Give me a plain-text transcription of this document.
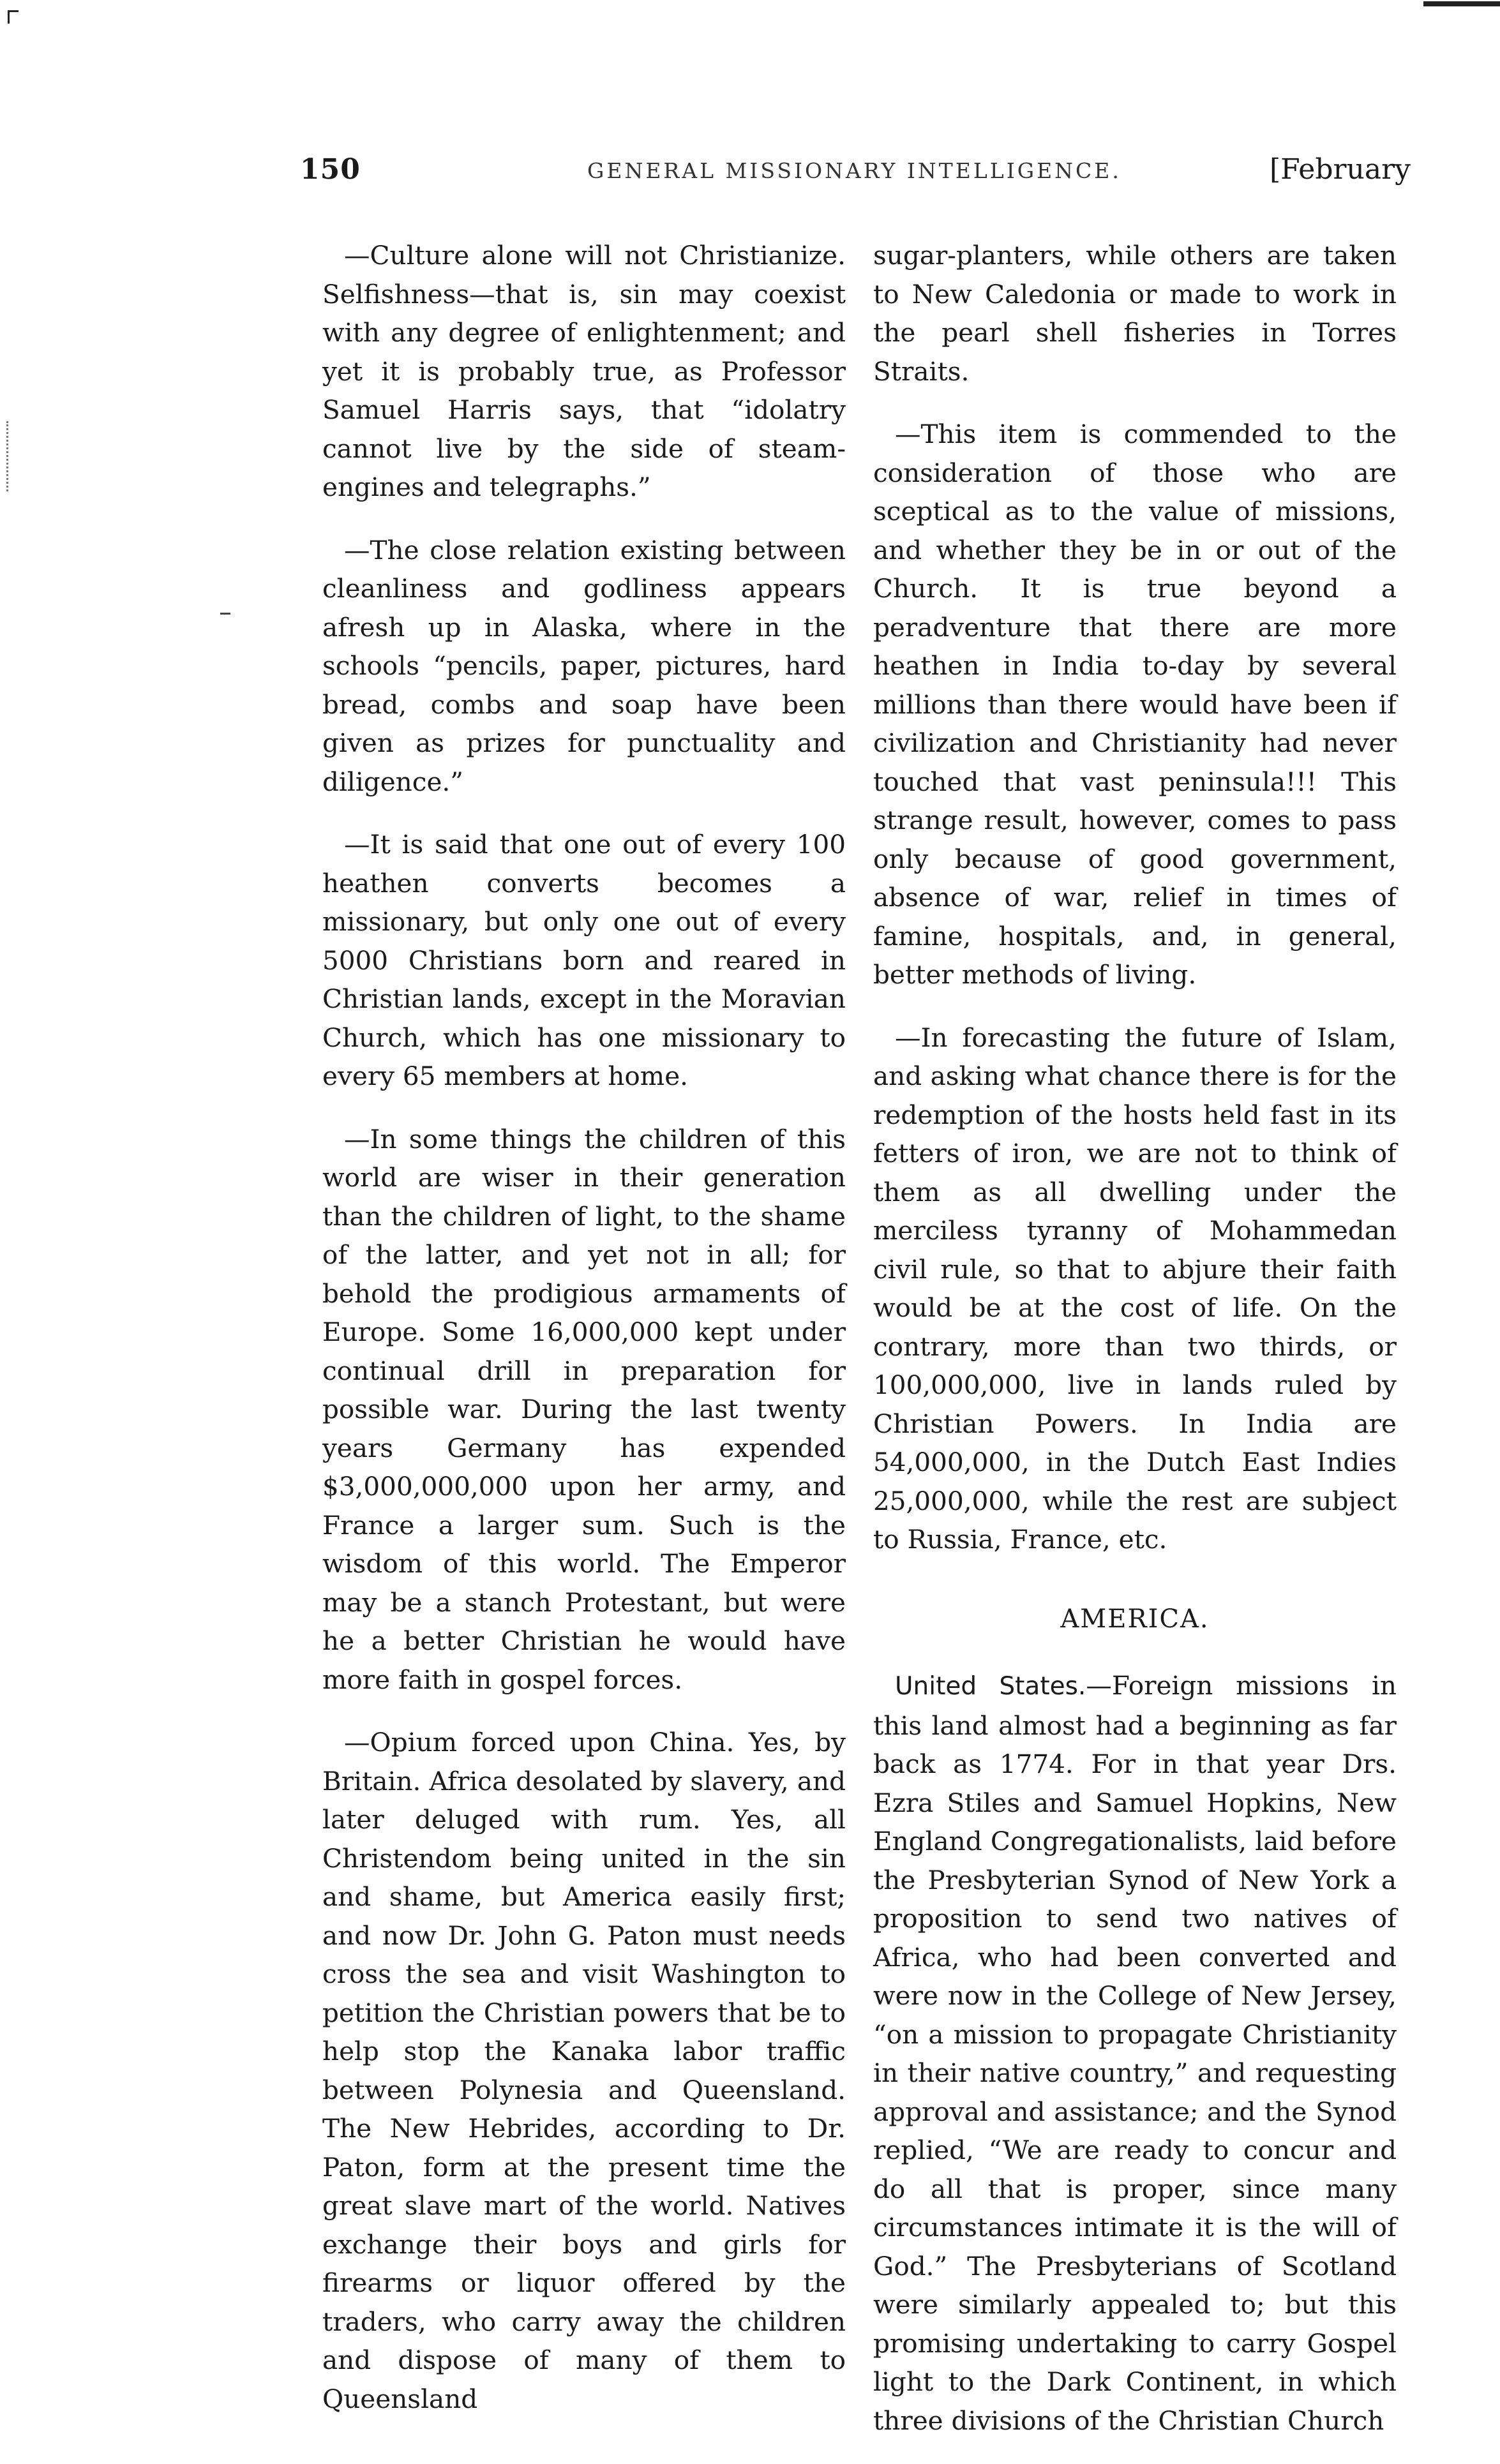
150	GENERAL MISSIONARY INTELLIGENCE.	[February

—Culture alone will not Christianize. Selfishness—that is, sin may coexist with any degree of enlightenment; and yet it is probably true, as Professor Samuel Harris says, that “idolatry cannot live by the side of steam-engines and telegraphs.”

—The close relation existing between cleanliness and godliness appears afresh up in Alaska, where in the schools “pencils, paper, pictures, hard bread, combs and soap have been given as prizes for punctuality and diligence.”

—It is said that one out of every 100 heathen converts becomes a missionary, but only one out of every 5000 Christians born and reared in Christian lands, except in the Moravian Church, which has one missionary to every 65 members at home.

—In some things the children of this world are wiser in their generation than the children of light, to the shame of the latter, and yet not in all; for behold the prodigious armaments of Europe. Some 16,000,000 kept under continual drill in preparation for possible war. During the last twenty years Germany has expended $3,000,000,000 upon her army, and France a larger sum. Such is the wisdom of this world. The Emperor may be a stanch Protestant, but were he a better Christian he would have more faith in gospel forces.

—Opium forced upon China. Yes, by Britain. Africa desolated by slavery, and later deluged with rum. Yes, all Christendom being united in the sin and shame, but America easily first; and now Dr. John G. Paton must needs cross the sea and visit Washington to petition the Christian powers that be to help stop the Kanaka labor traffic between Polynesia and Queensland. The New Hebrides, according to Dr. Paton, form at the present time the great slave mart of the world. Natives exchange their boys and girls for firearms or liquor offered by the traders, who carry away the children and dispose of many of them to Queensland

sugar-planters, while others are taken to New Caledonia or made to work in the pearl shell fisheries in Torres Straits.

—This item is commended to the consideration of those who are sceptical as to the value of missions, and whether they be in or out of the Church. It is true beyond a peradventure that there are more heathen in India to-day by several millions than there would have been if civilization and Christianity had never touched that vast peninsula!!! This strange result, however, comes to pass only because of good government, absence of war, relief in times of famine, hospitals, and, in general, better methods of living.

—In forecasting the future of Islam, and asking what chance there is for the redemption of the hosts held fast in its fetters of iron, we are not to think of them as all dwelling under the merciless tyranny of Mohammedan civil rule, so that to abjure their faith would be at the cost of life. On the contrary, more than two thirds, or 100,000,000, live in lands ruled by Christian Powers. In India are 54,000,000, in the Dutch East Indies 25,000,000, while the rest are subject to Russia, France, etc.

AMERICA.

United States.—Foreign missions in this land almost had a beginning as far back as 1774. For in that year Drs. Ezra Stiles and Samuel Hopkins, New England Congregationalists, laid before the Presbyterian Synod of New York a proposition to send two natives of Africa, who had been converted and were now in the College of New Jersey, “on a mission to propagate Christianity in their native country,” and requesting approval and assistance; and the Synod replied, “We are ready to concur and do all that is proper, since many circumstances intimate it is the will of God.” The Presbyterians of Scotland were similarly appealed to; but this promising undertaking to carry Gospel light to the Dark Continent, in which three divisions of the Christian Church
